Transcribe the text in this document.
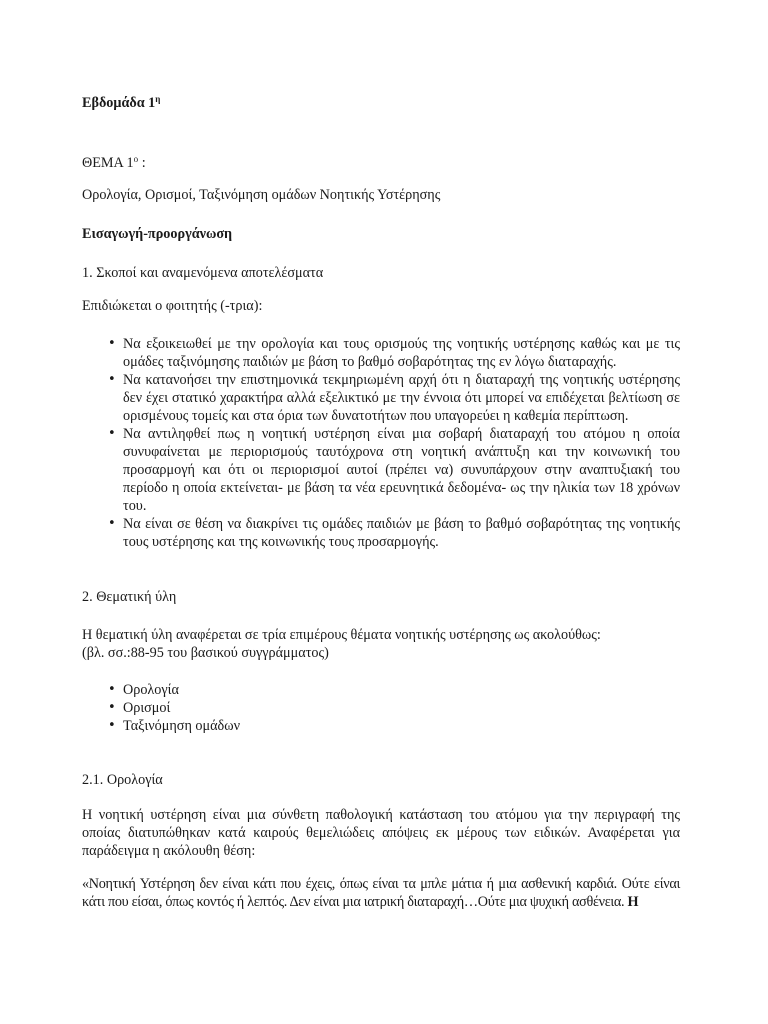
Εβδομάδα $1^\eta$

ΘΕΜΑ $1^o$ :

Ορολογία, Ορισμοί, Ταξινόμηση ομάδων Νοητικής Υστέρησης

Εισαγωγή-προοργάνωση

1. Σκοποί και αναμενόμενα αποτελέσματα

Επιδιώκεται ο φοιτητής (-τρια):

• Να εξοικειωθεί με την ορολογία και τους ορισμούς της νοητικής υστέρησης καθώς και με τις ομάδες ταξινόμησης παιδιών με βάση το βαθμό σοβαρότητας της εν λόγω διαταραχής.
• Να κατανοήσει την επιστημονικά τεκμηριωμένη αρχή ότι η διαταραχή της νοητικής υστέρησης δεν έχει στατικό χαρακτήρα αλλά εξελικτικό με την έννοια ότι μπορεί να επιδέχεται βελτίωση σε ορισμένους τομείς και στα όρια των δυνατοτήτων που υπαγορεύει η καθεμία περίπτωση.
• Να αντιληφθεί πως η νοητική υστέρηση είναι μια σοβαρή διαταραχή του ατόμου η οποία συνυφαίνεται με περιορισμούς ταυτόχρονα στη νοητική ανάπτυξη και την κοινωνική του προσαρμογή και ότι οι περιορισμοί αυτοί (πρέπει να) συνυπάρχουν στην αναπτυξιακή του περίοδο η οποία εκτείνεται- με βάση τα νέα ερευνητικά δεδομένα- ως την ηλικία των 18 χρόνων του.
• Να είναι σε θέση να διακρίνει τις ομάδες παιδιών με βάση το βαθμό σοβαρότητας της νοητικής τους υστέρησης και της κοινωνικής τους προσαρμογής.

2. Θεματική ύλη

Η θεματική ύλη αναφέρεται σε τρία επιμέρους θέματα νοητικής υστέρησης ως ακολούθως:

(βλ. σσ.:88-95 του βασικού συγγράμματος)

• Ορολογία
• Ορισμοί
• Ταξινόμηση ομάδων

2.1. Ορολογία

Η νοητική υστέρηση είναι μια σύνθετη παθολογική κατάσταση του ατόμου για την περιγραφή της οποίας διατυπώθηκαν κατά καιρούς θεμελιώδεις απόψεις εκ μέρους των ειδικών. Αναφέρεται για παράδειγμα η ακόλουθη θέση:

«Νοητική Υστέρηση δεν είναι κάτι που έχεις, όπως είναι τα μπλε μάτια ή μια ασθενική καρδιά. Ούτε είναι κάτι που είσαι, όπως κοντός ή λεπτός. Δεν είναι μια ιατρική διαταραχή…Ούτε μια ψυχική ασθένεια. Η
